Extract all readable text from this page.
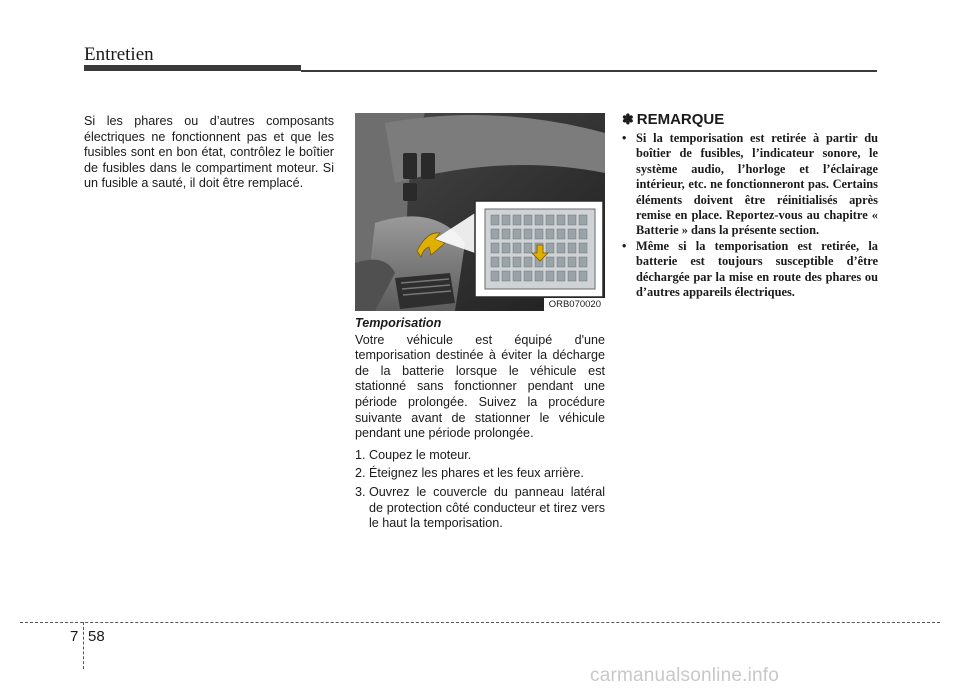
Entretien
Si les phares ou d’autres composants électriques ne fonctionnent pas et que les fusibles sont en bon état, contrôlez le boîtier de fusibles dans le compartiment moteur. Si un fusible a sauté, il doit être remplacé.
ORB070020
Temporisation
Votre véhicule est équipé d'une temporisation destinée à éviter la décharge de la batterie lorsque le véhicule est stationné sans fonctionner pendant une période prolongée. Suivez la procédure suivante avant de stationner le véhicule pendant une période prolongée.
1. Coupez le moteur.
2. Éteignez les phares et les feux arrière.
3. Ouvrez le couvercle du panneau latéral de protection côté conducteur et tirez vers le haut la temporisation.
✽ REMARQUE
• Si la temporisation est retirée à partir du boîtier de fusibles, l’indicateur sonore, le système audio, l’horloge et l’éclairage intérieur, etc. ne fonctionneront pas. Certains éléments doivent être réinitialisés après remise en place. Reportez-vous au chapitre « Batterie » dans la présente section.
• Même si la temporisation est retirée, la batterie est toujours susceptible d’être déchargée par la mise en route des phares ou d’autres appareils électriques.
7 58
carmanualsonline.info
